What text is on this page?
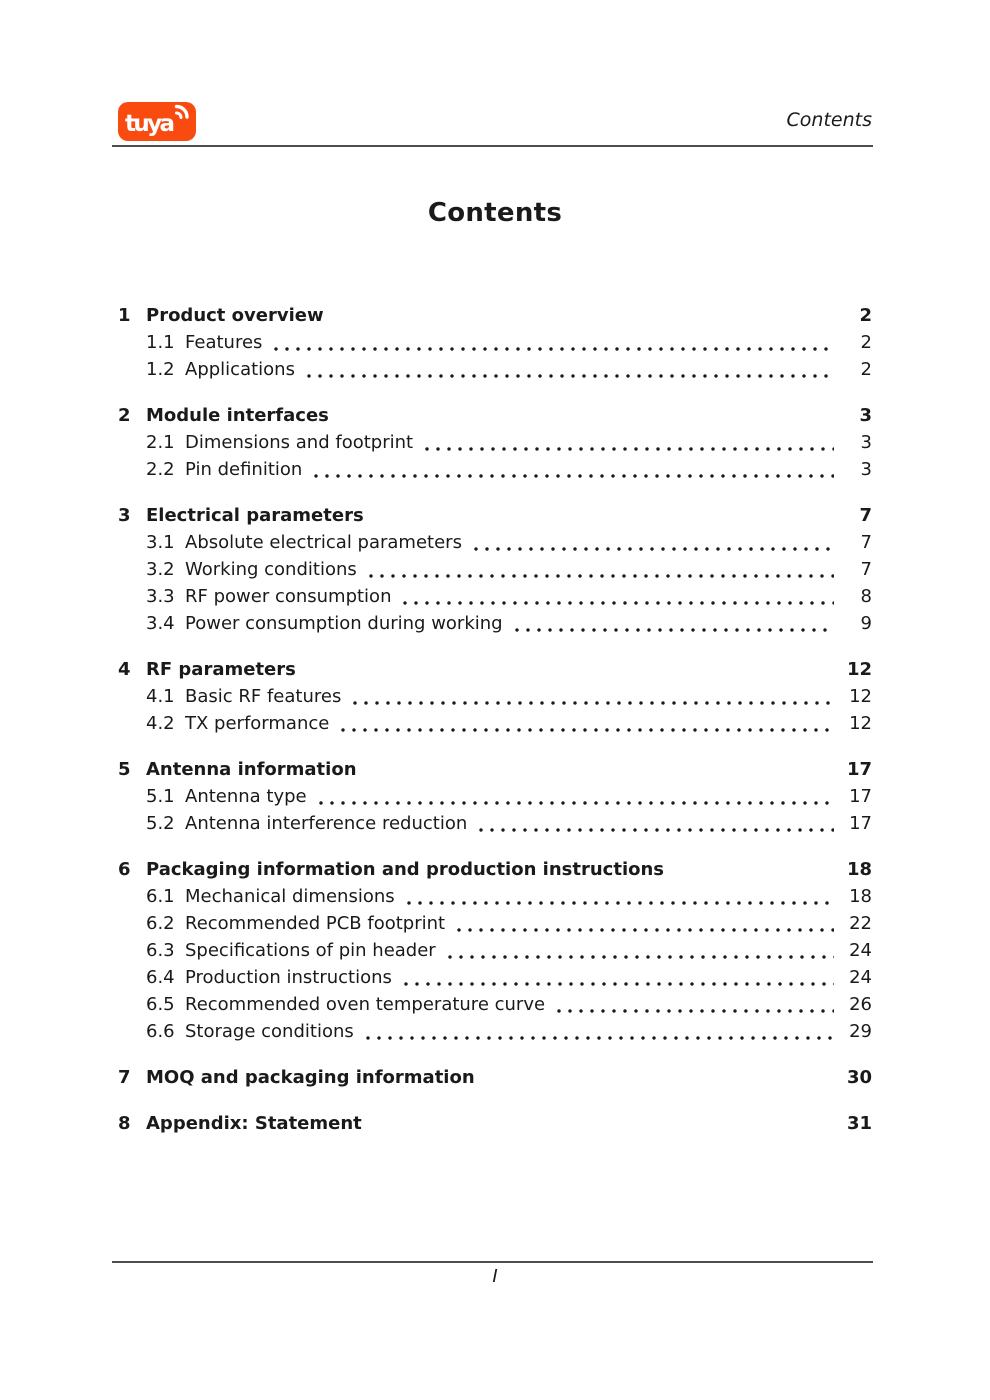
tuya	Contents
Contents
1 Product overview	2
1.1 Features	2
1.2 Applications	2
2 Module interfaces	3
2.1 Dimensions and footprint	3
2.2 Pin definition	3
3 Electrical parameters	7
3.1 Absolute electrical parameters	7
3.2 Working conditions	7
3.3 RF power consumption	8
3.4 Power consumption during working	9
4 RF parameters	12
4.1 Basic RF features	12
4.2 TX performance	12
5 Antenna information	17
5.1 Antenna type	17
5.2 Antenna interference reduction	17
6 Packaging information and production instructions	18
6.1 Mechanical dimensions	18
6.2 Recommended PCB footprint	22
6.3 Specifications of pin header	24
6.4 Production instructions	24
6.5 Recommended oven temperature curve	26
6.6 Storage conditions	29
7 MOQ and packaging information	30
8 Appendix: Statement	31
I
